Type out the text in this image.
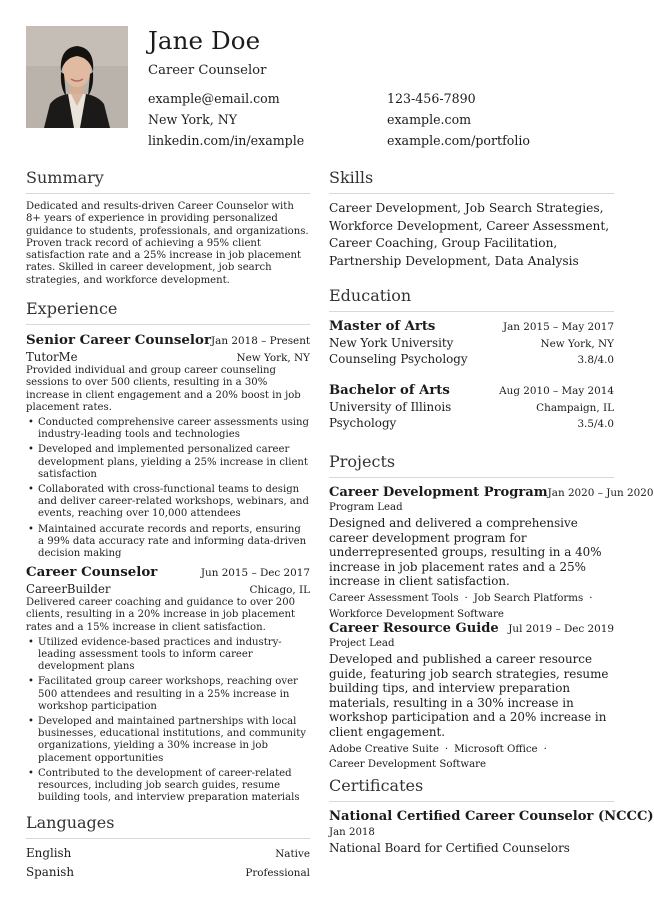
Jane Doe
Career Counselor
example@email.com	123-456-7890
New York, NY	example.com
linkedin.com/in/example	example.com/portfolio
Summary
Dedicated and results-driven Career Counselor with 8+ years of experience in providing personalized guidance to students, professionals, and organizations. Proven track record of achieving a 95% client satisfaction rate and a 25% increase in job placement rates. Skilled in career development, job search strategies, and workforce development.
Experience
Senior Career Counselor Jan 2018 – Present
TutorMe	New York, NY
Provided individual and group career counseling sessions to over 500 clients, resulting in a 30% increase in client engagement and a 20% boost in job placement rates.
• Conducted comprehensive career assessments using industry-leading tools and technologies
• Developed and implemented personalized career development plans, yielding a 25% increase in client satisfaction
• Collaborated with cross-functional teams to design and deliver career-related workshops, webinars, and events, reaching over 10,000 attendees
• Maintained accurate records and reports, ensuring a 99% data accuracy rate and informing data-driven decision making
Career Counselor	Jun 2015 – Dec 2017
CareerBuilder	Chicago, IL
Delivered career coaching and guidance to over 200 clients, resulting in a 20% increase in job placement rates and a 15% increase in client satisfaction.
• Utilized evidence-based practices and industry-leading assessment tools to inform career development plans
• Facilitated group career workshops, reaching over 500 attendees and resulting in a 25% increase in workshop participation
• Developed and maintained partnerships with local businesses, educational institutions, and community organizations, yielding a 30% increase in job placement opportunities
• Contributed to the development of career-related resources, including job search guides, resume building tools, and interview preparation materials
Languages
English	Native
Spanish	Professional
Skills
Career Development, Job Search Strategies,
Workforce Development, Career Assessment,
Career Coaching, Group Facilitation,
Partnership Development, Data Analysis
Education
Master of Arts	Jan 2015 – May 2017
New York University	New York, NY
Counseling Psychology	3.8/4.0
Bachelor of Arts	Aug 2010 – May 2014
University of Illinois	Champaign, IL
Psychology	3.5/4.0
Projects
Career Development Program Jan 2020 – Jun 2020
Program Lead
Designed and delivered a comprehensive career development program for underrepresented groups, resulting in a 40% increase in job placement rates and a 25% increase in client satisfaction.
Career Assessment Tools · Job Search Platforms ·
Workforce Development Software
Career Resource Guide Jul 2019 – Dec 2019
Project Lead
Developed and published a career resource guide, featuring job search strategies, resume building tips, and interview preparation materials, resulting in a 30% increase in workshop participation and a 20% increase in client engagement.
Adobe Creative Suite · Microsoft Office ·
Career Development Software
Certificates
National Certified Career Counselor (NCCC)
Jan 2018
National Board for Certified Counselors
